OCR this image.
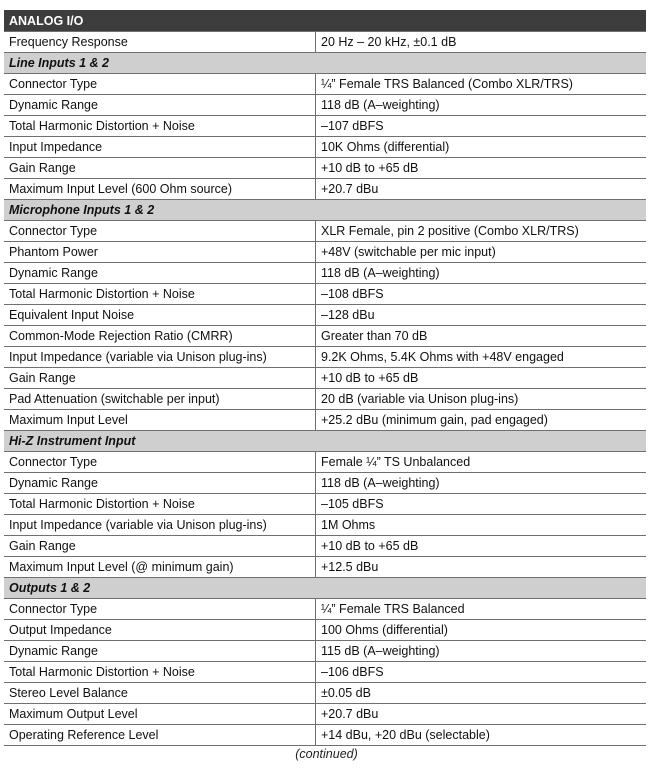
ANALOG I/O
Frequency Response	20 Hz – 20 kHz, ±0.1 dB
Line Inputs 1 & 2
Connector Type	¼” Female TRS Balanced (Combo XLR/TRS)
Dynamic Range	118 dB (A–weighting)
Total Harmonic Distortion + Noise	–107 dBFS
Input Impedance	10K Ohms (differential)
Gain Range	+10 dB to +65 dB
Maximum Input Level (600 Ohm source)	+20.7 dBu
Microphone Inputs 1 & 2
Connector Type	XLR Female, pin 2 positive (Combo XLR/TRS)
Phantom Power	+48V (switchable per mic input)
Dynamic Range	118 dB (A–weighting)
Total Harmonic Distortion + Noise	–108 dBFS
Equivalent Input Noise	–128 dBu
Common-Mode Rejection Ratio (CMRR)	Greater than 70 dB
Input Impedance (variable via Unison plug-ins)	9.2K Ohms, 5.4K Ohms with +48V engaged
Gain Range	+10 dB to +65 dB
Pad Attenuation (switchable per input)	20 dB (variable via Unison plug-ins)
Maximum Input Level	+25.2 dBu (minimum gain, pad engaged)
Hi-Z Instrument Input
Connector Type	Female ¼” TS Unbalanced
Dynamic Range	118 dB (A–weighting)
Total Harmonic Distortion + Noise	–105 dBFS
Input Impedance (variable via Unison plug-ins)	1M Ohms
Gain Range	+10 dB to +65 dB
Maximum Input Level (@ minimum gain)	+12.5 dBu
Outputs 1 & 2
Connector Type	¼” Female TRS Balanced
Output Impedance	100 Ohms (differential)
Dynamic Range	115 dB (A–weighting)
Total Harmonic Distortion + Noise	–106 dBFS
Stereo Level Balance	±0.05 dB
Maximum Output Level	+20.7 dBu
Operating Reference Level	+14 dBu, +20 dBu (selectable)
(continued)
